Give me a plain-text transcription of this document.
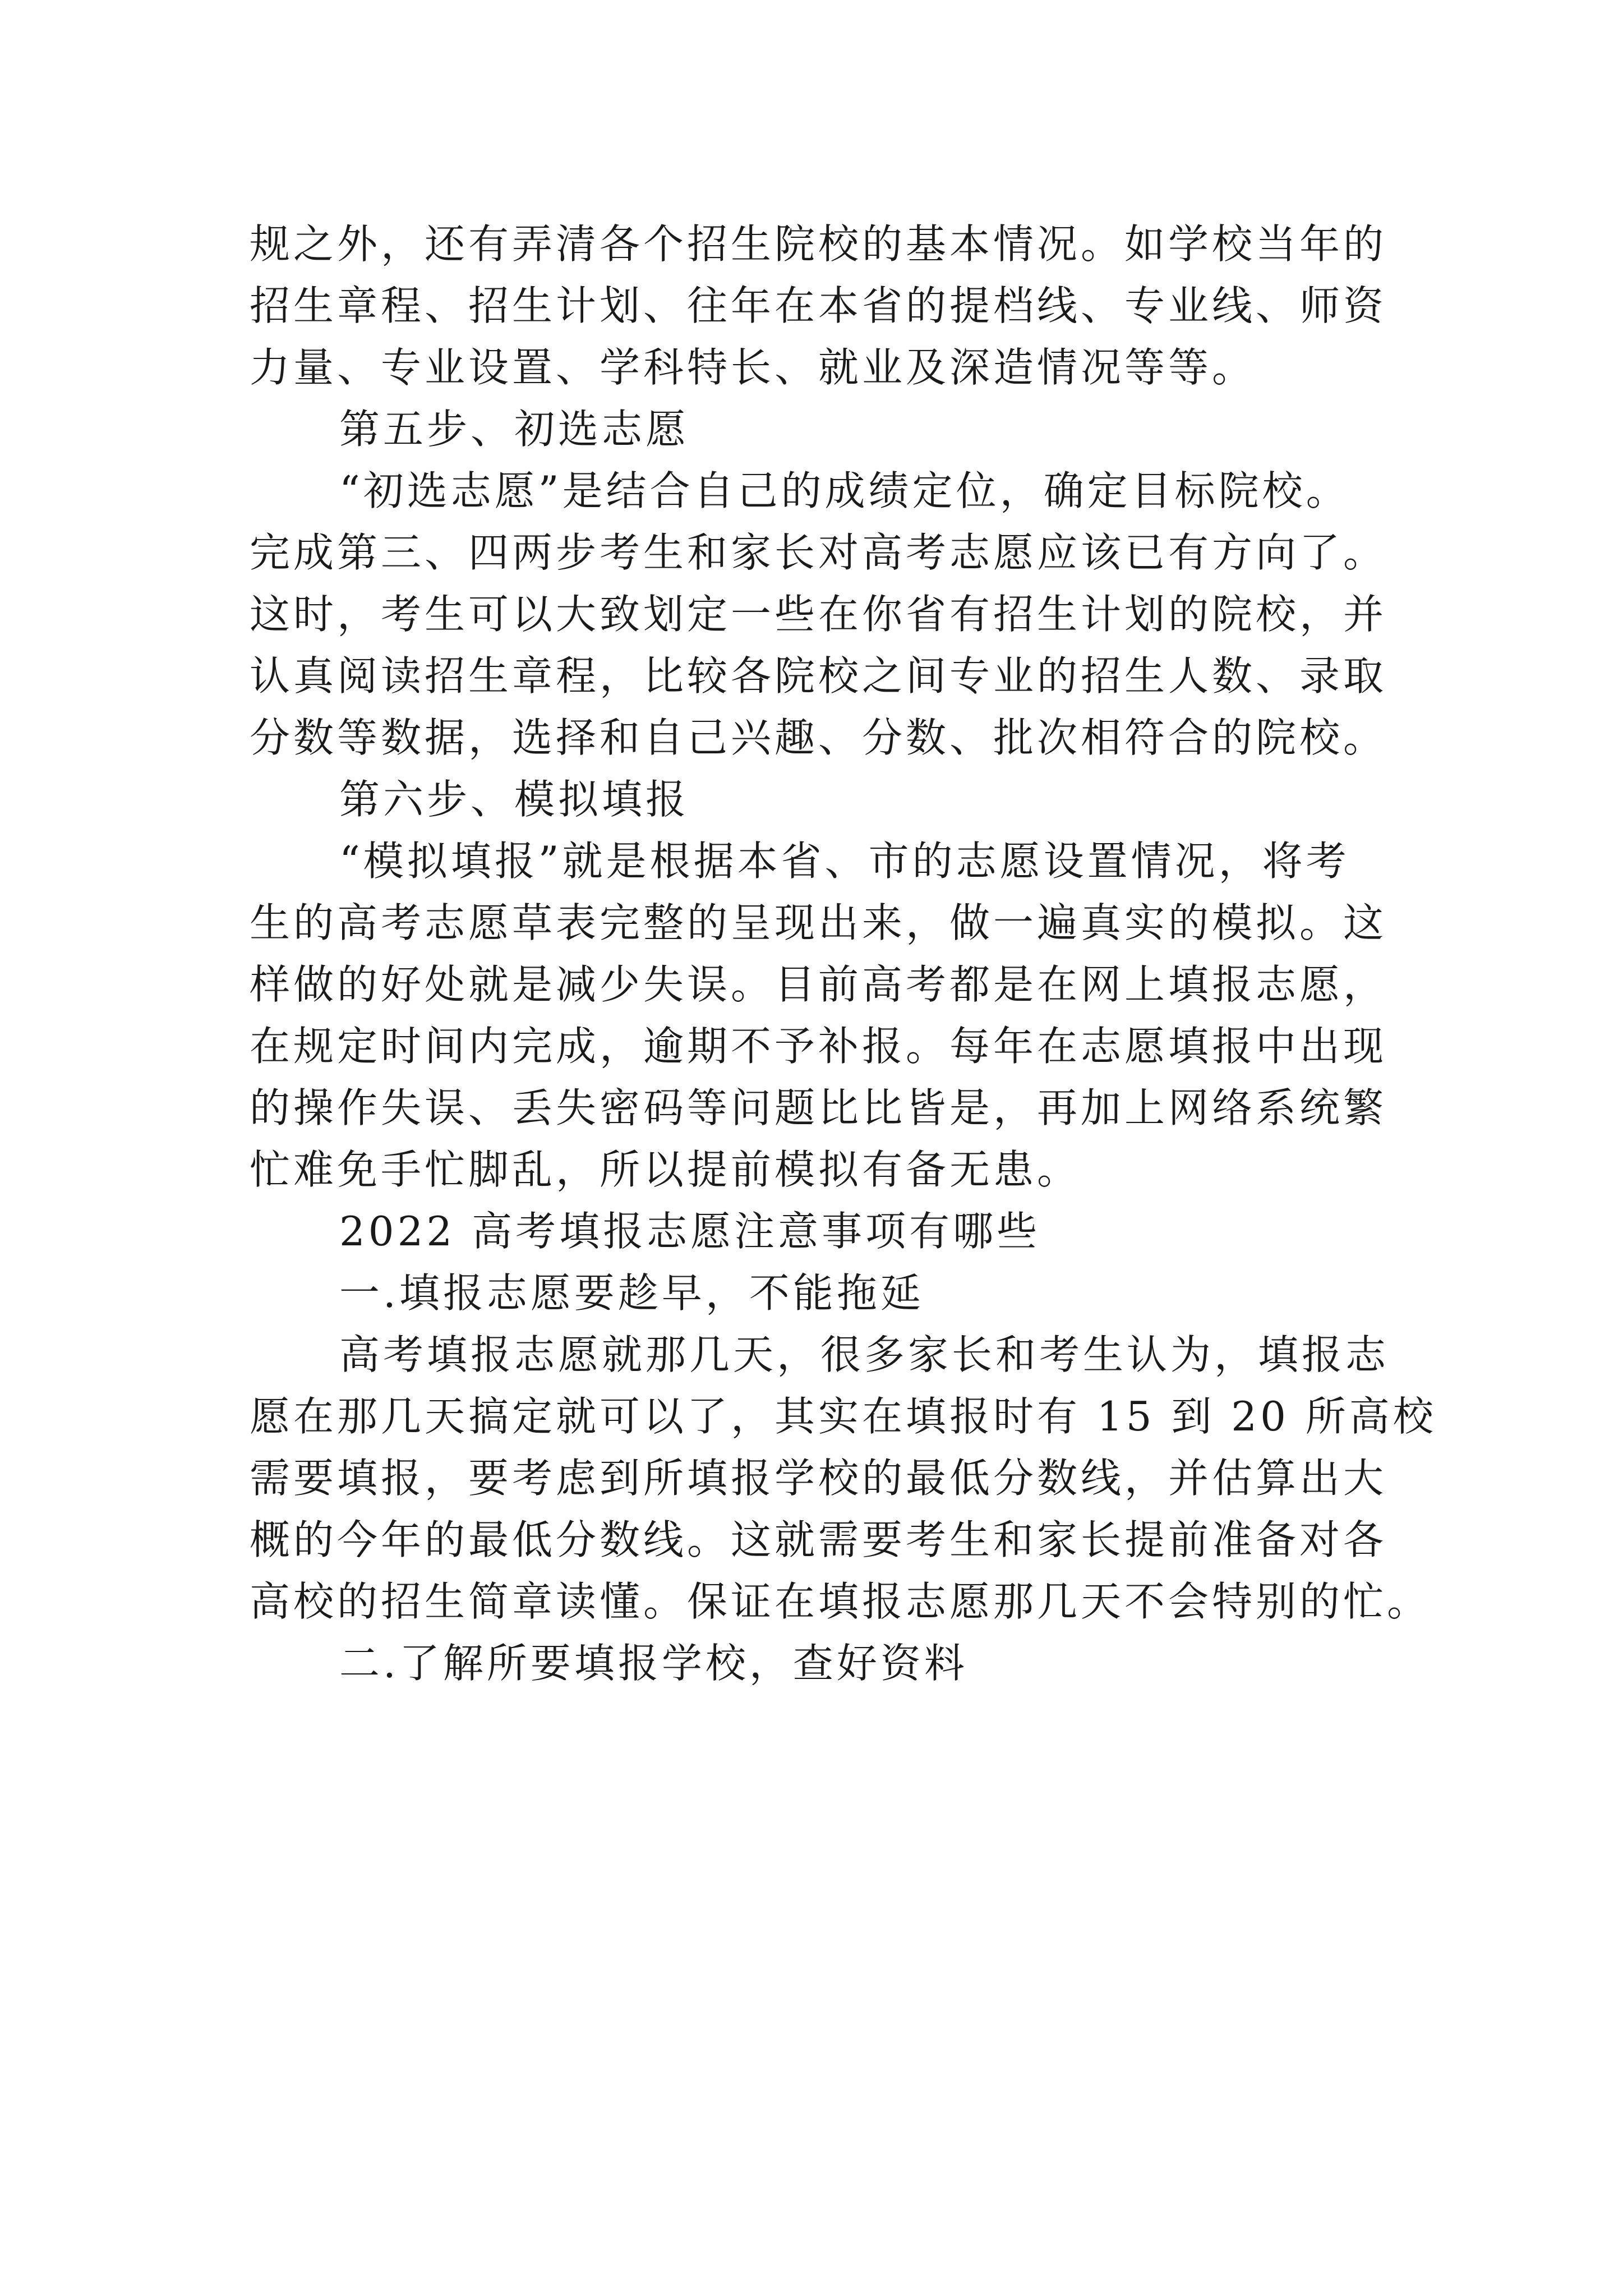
规之外，还有弄清各个招生院校的基本情况。如学校当年的

招生章程、招生计划、往年在本省的提档线、专业线、师资

力量、专业设置、学科特长、就业及深造情况等等。

第五步、初选志愿

“初选志愿”是结合自己的成绩定位，确定目标院校。

完成第三、四两步考生和家长对高考志愿应该已有方向了。

这时，考生可以大致划定一些在你省有招生计划的院校，并

认真阅读招生章程，比较各院校之间专业的招生人数、录取

分数等数据，选择和自己兴趣、分数、批次相符合的院校。

第六步、模拟填报

“模拟填报”就是根据本省、市的志愿设置情况，将考

生的高考志愿草表完整的呈现出来，做一遍真实的模拟。这

样做的好处就是减少失误。目前高考都是在网上填报志愿，

在规定时间内完成，逾期不予补报。每年在志愿填报中出现

的操作失误、丢失密码等问题比比皆是，再加上网络系统繁

忙难免手忙脚乱，所以提前模拟有备无患。

2022 高考填报志愿注意事项有哪些

一.填报志愿要趁早，不能拖延

高考填报志愿就那几天，很多家长和考生认为，填报志

愿在那几天搞定就可以了，其实在填报时有 15 到 20 所高校

需要填报，要考虑到所填报学校的最低分数线，并估算出大

概的今年的最低分数线。这就需要考生和家长提前准备对各

高校的招生简章读懂。保证在填报志愿那几天不会特别的忙。

二.了解所要填报学校，查好资料
